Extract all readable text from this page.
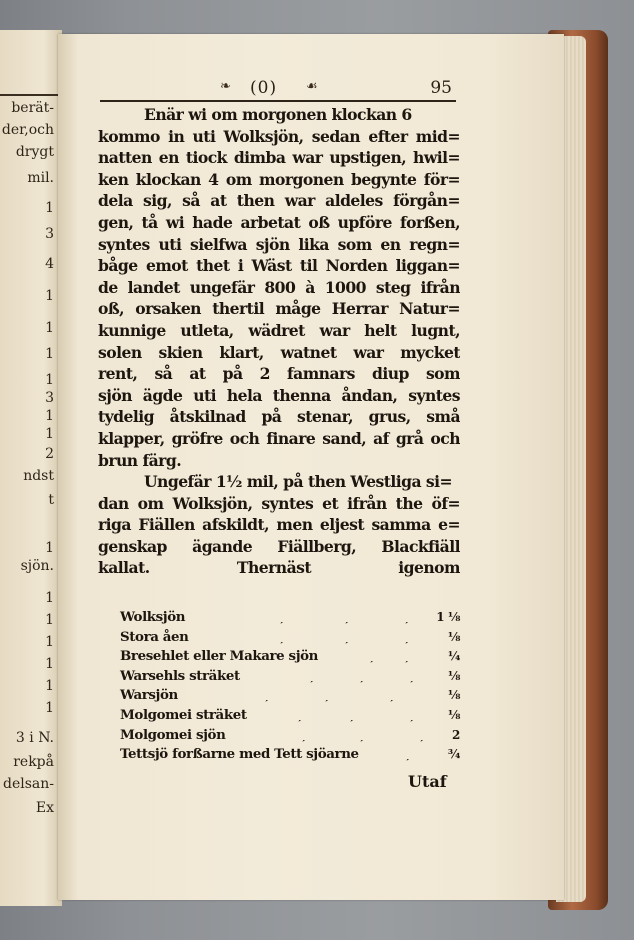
berät-
der,och
drygt
mil.
1
3
4
1
1
1
1
3
1
1
2
ndst
t
1
sjön.
1
1
1
1
1
1
3 i N.
rekpå
delsan-
Ex
❧ (0) ☙	95
Enär wi om morgonen klockan 6
kommo in uti Wolksjön, sedan efter mid=
natten en tiock dimba war upstigen, hwil=
ken klockan 4 om morgonen begynte för=
dela sig, så at then war aldeles förgån=
gen, tå wi hade arbetat oß upföre forßen,
syntes uti sielfwa sjön lika som en regn=
båge emot thet i Wäst til Norden liggan=
de landet ungefär 800 à 1000 steg ifrån
oß, orsaken thertil måge Herrar Natur=
kunnige utleta, wädret war helt lugnt,
solen skien klart, watnet war mycket
rent, så at på 2 famnars diup som
sjön ägde uti hela thenna åndan, syntes
tydelig åtskilnad på stenar, grus, små
klapper, gröfre och finare sand, af grå och
brun färg.
Ungefär 1½ mil, på then Westliga si=
dan om Wolksjön, syntes et ifrån the öf=
riga Fiällen afskildt, men eljest samma e=
genskap ägande Fiällberg, Blackfiäll
kallat. Thernäst igenom
Wolksjön	ˏ	ˏ	ˏ 1 ⅛
Stora åen	ˏ	ˏ	ˏ	⅛
Bresehlet eller Makare sjön	ˏ	ˏ	¼
Warsehls sträket	ˏ	ˏ	ˏ	⅛
Warsjön	ˏ	ˏ	ˏ	⅛
Molgomei sträket	ˏ	ˏ	ˏ	⅛
Molgomei sjön	ˏ	ˏ	ˏ 2
Tettsjö forßarne med Tett sjöarne	ˏ	¾
Utaf
